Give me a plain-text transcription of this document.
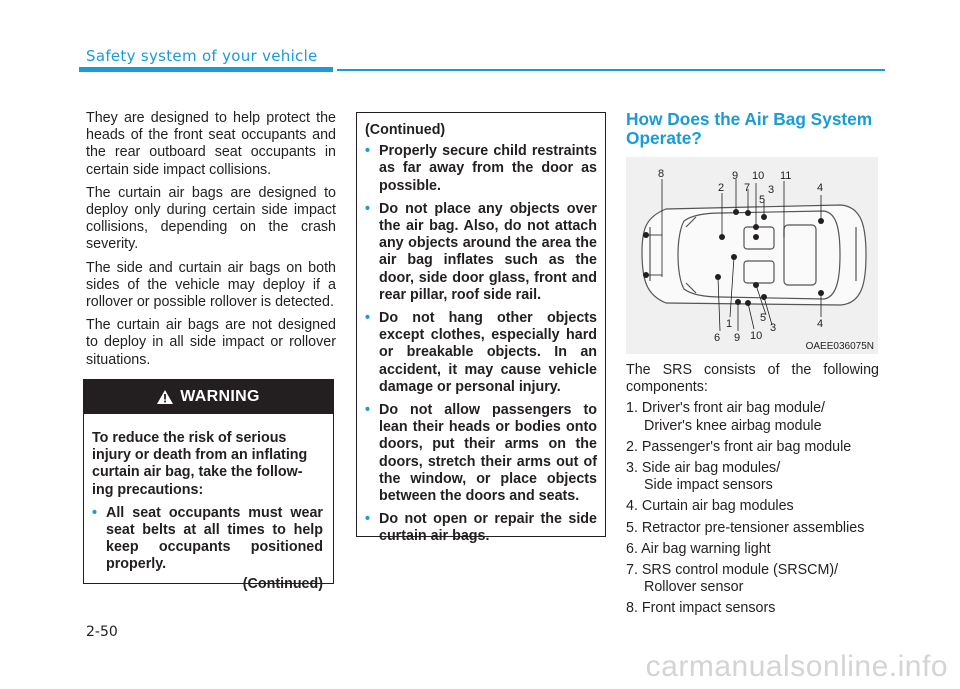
Safety system of your vehicle

They are designed to help protect the heads of the front seat occupants and the rear outboard seat occupants in certain side impact collisions.

The curtain air bags are designed to deploy only during certain side impact collisions, depending on the crash severity.

The side and curtain air bags on both sides of the vehicle may deploy if a rollover or possible rollover is detected.

The curtain air bags are not designed to deploy in all side impact or rollover situations.

WARNING

To reduce the risk of serious injury or death from an inflating curtain air bag, take the follow-ing precautions:

• All seat occupants must wear seat belts at all times to help keep occupants positioned properly.
(Continued)
(Continued)
• Properly secure child restraints as far away from the door as possible.
• Do not place any objects over the air bag. Also, do not attach any objects around the area the air bag inflates such as the door, side door glass, front and rear pillar, roof side rail.
• Do not hang other objects except clothes, especially hard or breakable objects. In an accident, it may cause vehicle damage or personal injury.
• Do not allow passengers to lean their heads or bodies onto doors, put their arms on the doors, stretch their arms out of the window, or place objects between the doors and seats.
• Do not open or repair the side curtain air bags.
How Does the Air Bag System Operate?
8
2
9
7
10
3
11
5
4
1	5
3	4
6 9 10
OAEE036075N

The SRS consists of the following components:

1. Driver's front air bag module/
Driver's knee airbag module
2. Passenger's front air bag module
3. Side air bag modules/
Side impact sensors
4. Curtain air bag modules
5. Retractor pre-tensioner assemblies
6. Air bag warning light
7. SRS control module (SRSCM)/
Rollover sensor
8. Front impact sensors
2-50
carmanualsonline.info
